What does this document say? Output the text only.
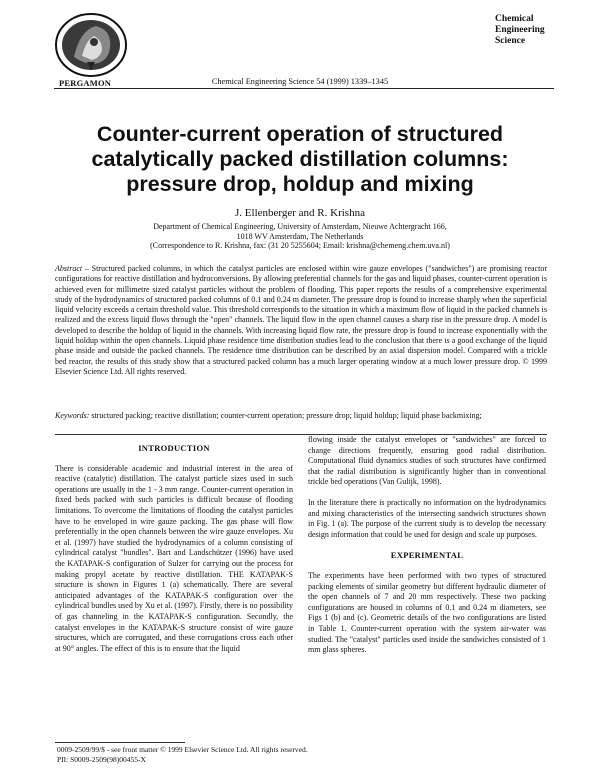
PERGAMON	Chemical Engineering Science 54 (1999) 1339–1345
Chemical
Engineering Science
Counter-current operation of structured catalytically packed distillation columns: pressure drop, holdup and mixing
J. Ellenberger and R. Krishna
Department of Chemical Engineering, University of Amsterdam, Nieuwe Achtergracht 166,
1018 WV Amsterdam, The Netherlands
(Correspondence to R. Krishna, fax: (31 20 5255604; Email: krishna@chemeng.chem.uva.nl)
Abstract – Structured packed columns, in which the catalyst particles are enclosed within wire gauze envelopes ("sandwiches") are promising reactor configurations for reactive distillation and hydroconversions. By allowing preferential channels for the gas and liquid phases, counter-current operation is achieved even for millimetre sized catalyst particles without the problem of flooding. This paper reports the results of a comprehensive experimental study of the hydrodynamics of structured packed columns of 0.1 and 0.24 m diameter. The pressure drop is found to increase sharply when the superficial liquid velocity exceeds a certain threshold value. This threshold corresponds to the situation in which a maximum flow of liquid in the packed channels is realized and the excess liquid flows through the "open" channels. The liquid flow in the open channel causes a sharp rise in the pressure drop. A model is developed to describe the holdup of liquid in the channels. With increasing liquid flow rate, the pressure drop is found to increase exponentially with the liquid holdup within the open channels. Liquid phase residence time distribution studies lead to the conclusion that there is a good exchange of the liquid phase inside and outside the packed channels. The residence time distribution can be described by an axial dispersion model. Compared with a trickle bed reactor, the results of this study show that a structured packed column has a much larger operating window at a much lower pressure drop. © 1999 Elsevier Science Ltd. All rights reserved.
Keywords: structured packing; reactive distillation; counter-current operation; pressure drop; liquid holdup; liquid phase backmixing;
INTRODUCTION

There is considerable academic and industrial interest in the area of reactive (catalytic) distillation. The catalyst particle sizes used in such operations are usually in the 1 - 3 mm range. Counter-current operation in fixed beds packed with such particles is difficult because of flooding limitations. To overcome the limitations of flooding the catalyst particles have to be enveloped in wire gauze packing. The gas phase will flow preferentially in the open channels between the wire gauze envelopes. Xu et al. (1997) have studied the hydrodynamics of a column consisting of cylindrical catalyst "bundles". Bart and Landschützer (1996) have used the KATAPAK-S configuration of Sulzer for carrying out the process for making propyl acetate by reactive distillation. THE KATAPAK-S structure is shown in Figures 1 (a) schematically. There are several anticipated advantages of the KATAPAK-S configuration over the cylindrical bundles used by Xu et al. (1997). Firstly, there is no possibility of gas channeling in the KATAPAK-S configuration. Secondly, the catalyst envelopes in the KATAPAK-S structure consist of wire gauze structures, which are corrugated, and these corrugations cross each other at 90° angles. The effect of this is to ensure that the liquid

flowing inside the catalyst envelopes or "sandwiches" are forced to change directions frequently, ensuring good radial distribution. Computational fluid dynamics studies of such structures have confirmed that the radial distribution is significantly higher than in conventional trickle bed operations (Van Gulijk, 1998).

In the literature there is practically no information on the hydrodynamics and mixing characteristics of the intersecting sandwich structures shown in Fig. 1 (a). The purpose of the current study is to develop the necessary design information that could be used for design and scale up purposes.

EXPERIMENTAL

The experiments have been performed with two types of structured packing elements of similar geometry but different hydraulic diameter of the open channels of 7 and 20 mm respectively. These two packing configurations are housed in columns of 0.1 and 0.24 m diameters, see Figs 1 (b) and (c). Geometric details of the two configurations are listed in Table 1. Counter-current operation with the system air-water was studied. The "catalyst" particles used inside the sandwiches consisted of 1 mm glass spheres.

0009-2509/99/$ - see front matter © 1999 Elsevier Science Ltd. All rights reserved.
PII: S0009-2509(98)00455-X
